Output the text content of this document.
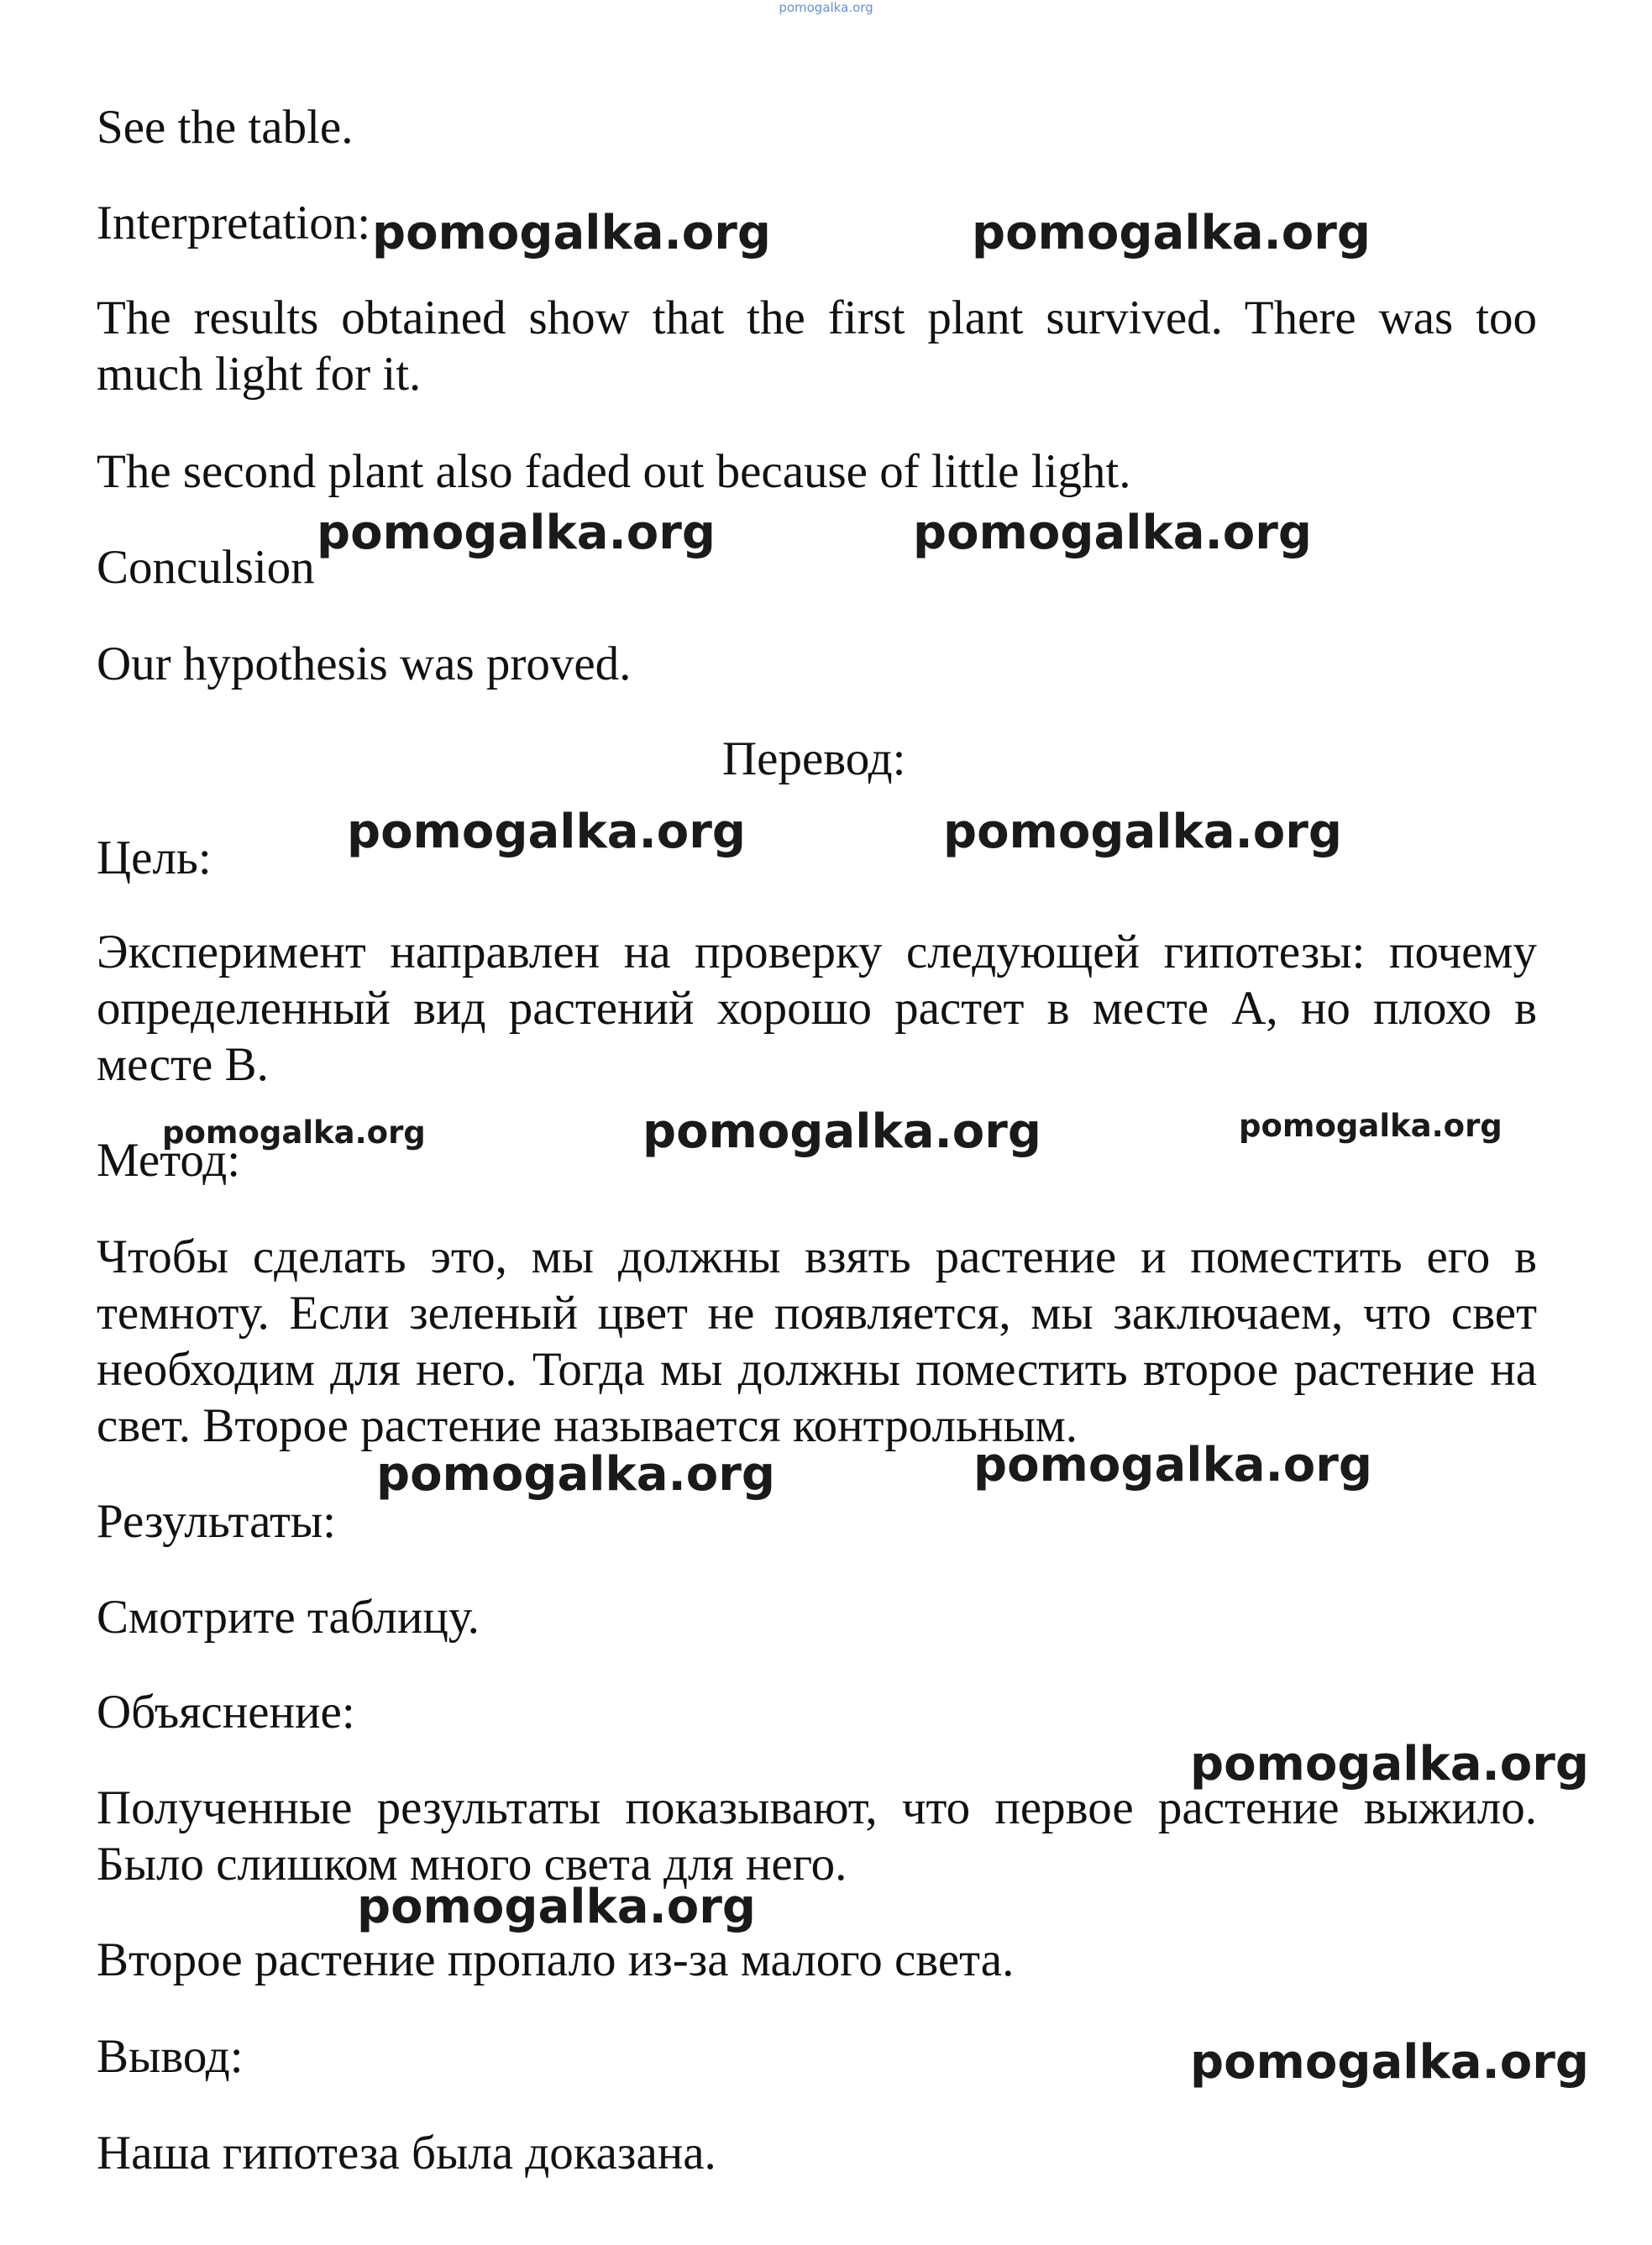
pomogalka.org
See the table.
Interpretation: pomogalka.org	pomogalka.org
The results obtained show that the first plant survived. There was too much light for it.
The second plant also faded out because of little light.
pomogalka.org	pomogalka.org
Conculsion
Our hypothesis was proved.
Перевод:
pomogalka.org	pomogalka.org
Цель:
Эксперимент направлен на проверку следующей гипотезы: почему определенный вид растений хорошо растет в месте А, но плохо в месте В.
pomogalka.org	pomogalka.org	pomogalka.org
Метод:
Чтобы сделать это, мы должны взять растение и поместить его в темноту. Если зеленый цвет не появляется, мы заключаем, что свет необходим для него. Тогда мы должны поместить второе растение на свет. Второе растение называется контрольным.
pomogalka.org	pomogalka.org
Результаты:
Смотрите таблицу.
Объяснение:
pomogalka.org
Полученные результаты показывают, что первое растение выжило. Было слишком много света для него.
pomogalka.org
Второе растение пропало из-за малого света.
Вывод:	pomogalka.org
Наша гипотеза была доказана.
